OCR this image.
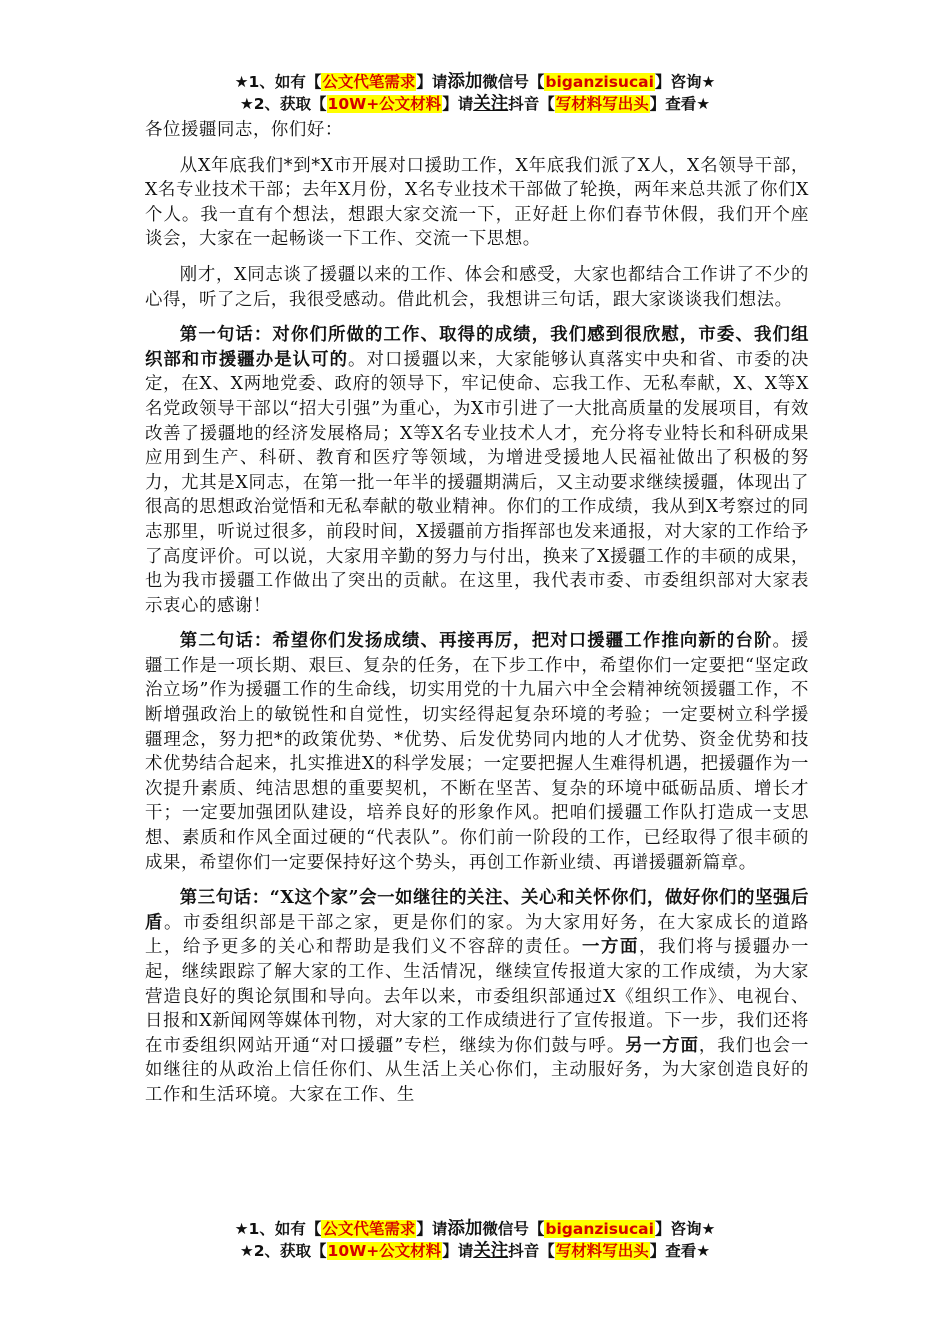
★1、如有【公文代笔需求】请添加微信号【biganzisucai】咨询★
★2、获取【10W+公文材料】请关注抖音【写材料写出头】查看★

各位援疆同志，你们好：

从X年底我们*到*X市开展对口援助工作，X年底我们派了X人，X名领导干部，X名专业技术干部；去年X月份，X名专业技术干部做了轮换，两年来总共派了你们X个人。我一直有个想法，想跟大家交流一下，正好赶上你们春节休假，我们开个座谈会，大家在一起畅谈一下工作、交流一下思想。

刚才，X同志谈了援疆以来的工作、体会和感受，大家也都结合工作讲了不少的心得，听了之后，我很受感动。借此机会，我想讲三句话，跟大家谈谈我们想法。

第一句话：对你们所做的工作、取得的成绩，我们感到很欣慰，市委、我们组织部和市援疆办是认可的。对口援疆以来，大家能够认真落实中央和省、市委的决定，在X、X两地党委、政府的领导下，牢记使命、忘我工作、无私奉献，X、X等X名党政领导干部以“招大引强”为重心，为X市引进了一大批高质量的发展项目，有效改善了援疆地的经济发展格局；X等X名专业技术人才，充分将专业特长和科研成果应用到生产、科研、教育和医疗等领域，为增进受援地人民福祉做出了积极的努力，尤其是X同志，在第一批一年半的援疆期满后，又主动要求继续援疆，体现出了很高的思想政治觉悟和无私奉献的敬业精神。你们的工作成绩，我从到X考察过的同志那里，听说过很多，前段时间，X援疆前方指挥部也发来通报，对大家的工作给予了高度评价。可以说，大家用辛勤的努力与付出，换来了X援疆工作的丰硕的成果，也为我市援疆工作做出了突出的贡献。在这里，我代表市委、市委组织部对大家表示衷心的感谢！

第二句话：希望你们发扬成绩、再接再厉，把对口援疆工作推向新的台阶。援疆工作是一项长期、艰巨、复杂的任务，在下步工作中，希望你们一定要把“坚定政治立场”作为援疆工作的生命线，切实用党的十九届六中全会精神统领援疆工作，不断增强政治上的敏锐性和自觉性，切实经得起复杂环境的考验；一定要树立科学援疆理念，努力把*的政策优势、*优势、后发优势同内地的人才优势、资金优势和技术优势结合起来，扎实推进X的科学发展；一定要把握人生难得机遇，把援疆作为一次提升素质、纯洁思想的重要契机，不断在坚苦、复杂的环境中砥砺品质、增长才干；一定要加强团队建设，培养良好的形象作风。把咱们援疆工作队打造成一支思想、素质和作风全面过硬的“代表队”。你们前一阶段的工作，已经取得了很丰硕的成果，希望你们一定要保持好这个势头，再创工作新业绩、再谱援疆新篇章。

第三句话：“X这个家”会一如继往的关注、关心和关怀你们，做好你们的坚强后盾。市委组织部是干部之家，更是你们的家。为大家用好务，在大家成长的道路上，给予更多的关心和帮助是我们义不容辞的责任。一方面，我们将与援疆办一起，继续跟踪了解大家的工作、生活情况，继续宣传报道大家的工作成绩，为大家营造良好的舆论氛围和导向。去年以来，市委组织部通过X《组织工作》、电视台、日报和X新闻网等媒体刊物，对大家的工作成绩进行了宣传报道。下一步，我们还将在市委组织网站开通“对口援疆”专栏，继续为你们鼓与呼。另一方面，我们也会一如继往的从政治上信任你们、从生活上关心你们，主动服好务，为大家创造良好的工作和生活环境。大家在工作、生

★1、如有【公文代笔需求】请添加微信号【biganzisucai】咨询★
★2、获取【10W+公文材料】请关注抖音【写材料写出头】查看★
